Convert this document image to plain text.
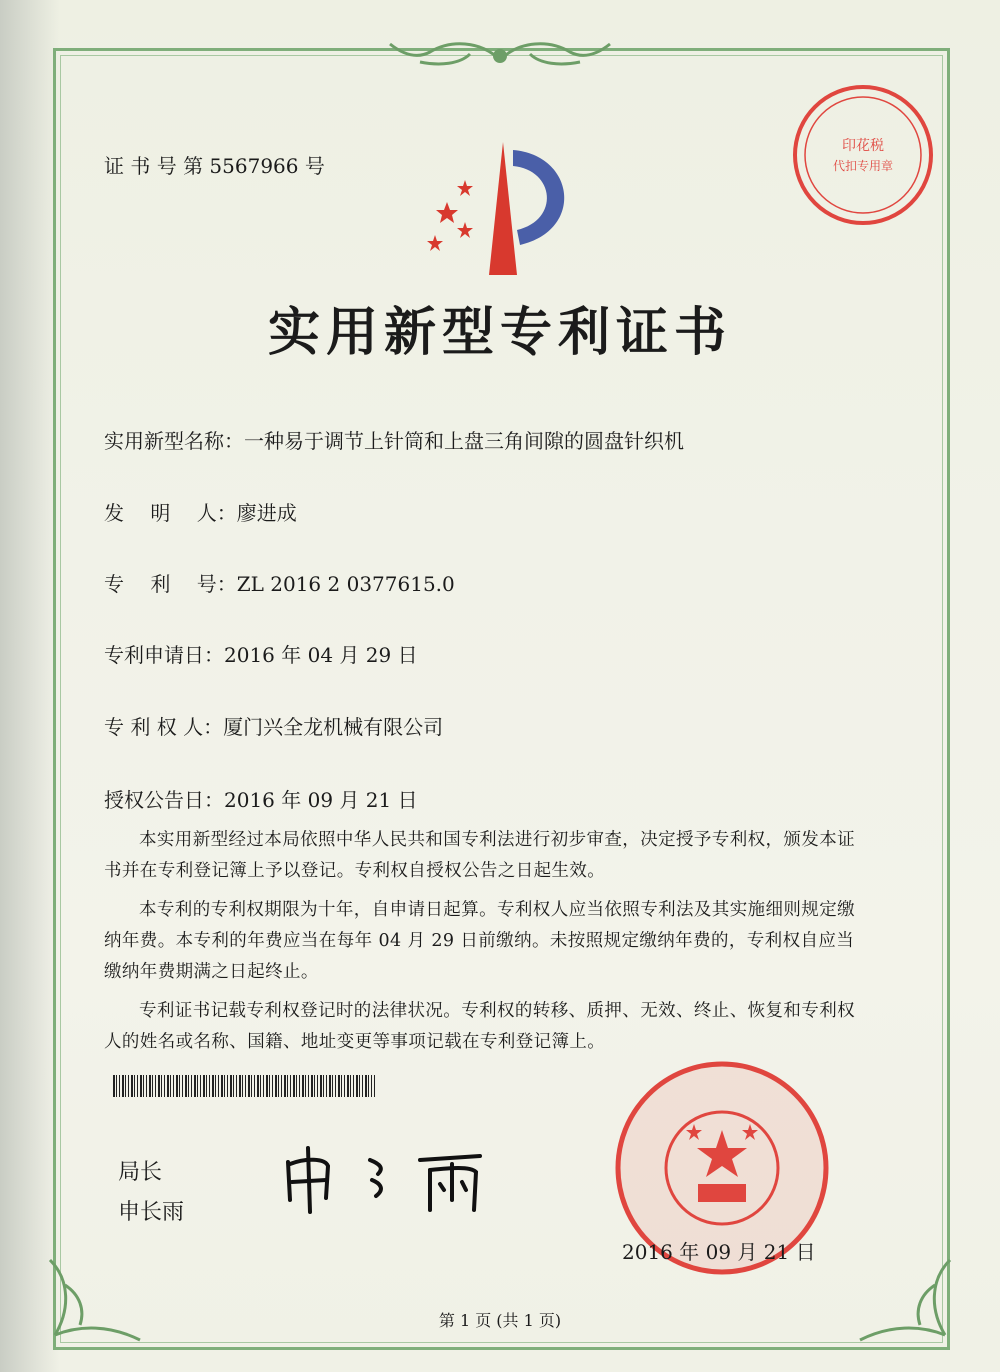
印花税
代扣专用章
证 书 号 第 5567966 号
实用新型专利证书
实用新型名称：一种易于调节上针筒和上盘三角间隙的圆盘针织机
发　 明　 人：廖进成
专　 利　 号：ZL 2016 2 0377615.0
专利申请日：2016 年 04 月 29 日
专 利 权 人：厦门兴全龙机械有限公司
授权公告日：2016 年 09 月 21 日

本实用新型经过本局依照中华人民共和国专利法进行初步审查，决定授予专利权，颁发本证书并在专利登记簿上予以登记。专利权自授权公告之日起生效。

本专利的专利权期限为十年，自申请日起算。专利权人应当依照专利法及其实施细则规定缴纳年费。本专利的年费应当在每年 04 月 29 日前缴纳。未按照规定缴纳年费的，专利权自应当缴纳年费期满之日起终止。

专利证书记载专利权登记时的法律状况。专利权的转移、质押、无效、终止、恢复和专利权人的姓名或名称、国籍、地址变更等事项记载在专利登记簿上。

局长
申长雨
2016 年 09 月 21 日
第 1 页 (共 1 页)
